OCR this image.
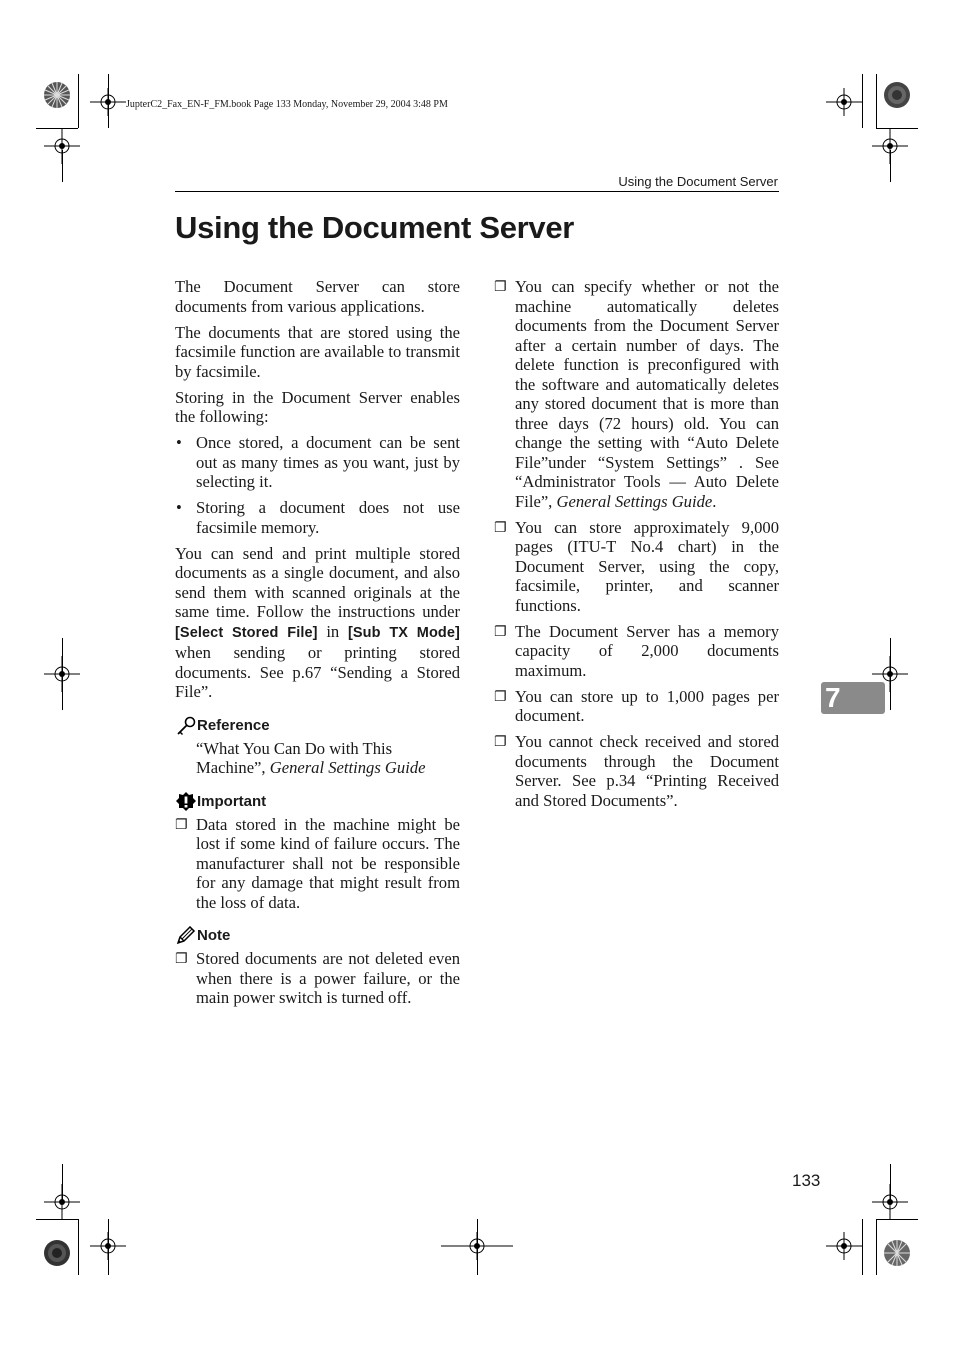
JupterC2_Fax_EN-F_FM.book Page 133 Monday, November 29, 2004 3:48 PM
Using the Document Server
Using the Document Server

The Document Server can store documents from various applications.

The documents that are stored using the facsimile function are available to transmit by facsimile.

Storing in the Document Server enables the following:

• Once stored, a document can be sent out as many times as you want, just by selecting it.
• Storing a document does not use facsimile memory.

You can send and print multiple stored documents as a single document, and also send them with scanned originals at the same time. Follow the instructions under [Select Stored File] in [Sub TX Mode] when sending or printing stored documents. See p.67 “Sending a Stored File”.

Reference
“What You Can Do with This Machine”, General Settings Guide
Important
❐ Data stored in the machine might be lost if some kind of failure occurs. The manufacturer shall not be responsible for any damage that might result from the loss of data.
Note
❐ Stored documents are not deleted even when there is a power failure, or the main power switch is turned off.
❐ You can specify whether or not the machine automatically deletes documents from the Document Server after a certain number of days. The delete function is preconfigured with the software and automatically deletes any stored document that is more than three days (72 hours) old. You can change the setting with “Auto Delete File”under “System Settings” . See “Administrator Tools — Auto Delete File”, General Settings Guide.
❐ You can store approximately 9,000 pages (ITU-T No.4 chart) in the Document Server, using the copy, facsimile, printer, and scanner functions.
❐ The Document Server has a memory capacity of 2,000 documents maximum.
❐ You can store up to 1,000 pages per document.
❐ You cannot check received and stored documents through the Document Server. See p.34 “Printing Received and Stored Documents”.
7
133
